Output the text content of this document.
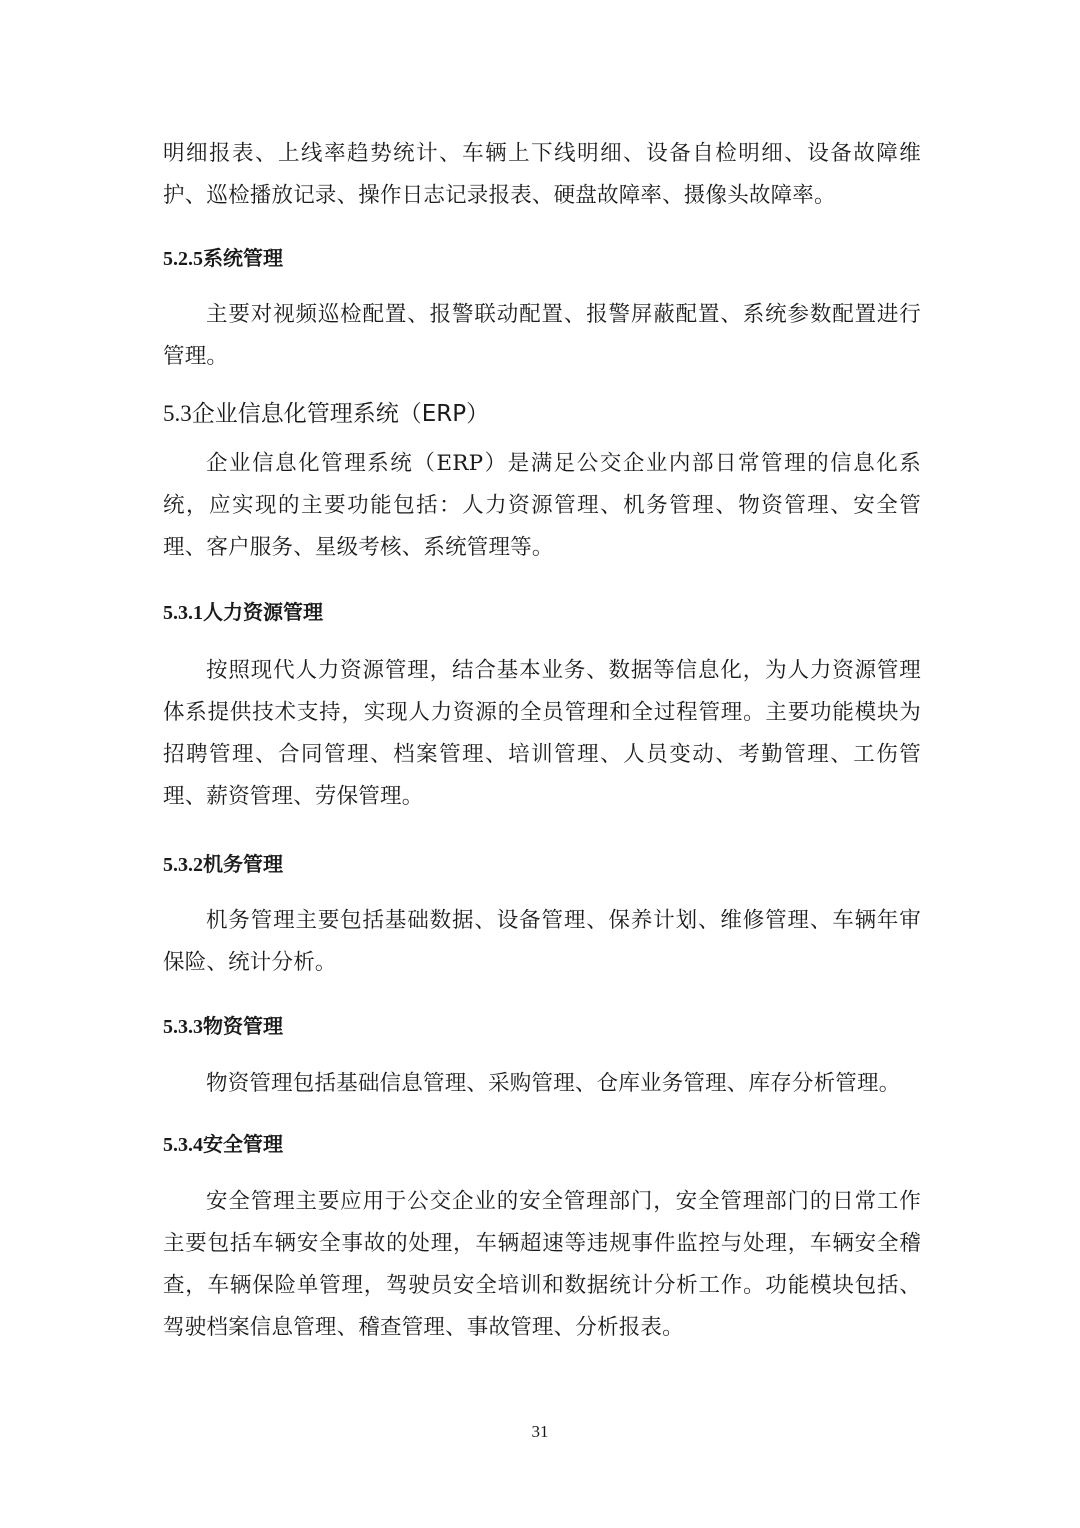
明细报表、上线率趋势统计、车辆上下线明细、设备自检明细、设备故障维护、巡检播放记录、操作日志记录报表、硬盘故障率、摄像头故障率。

5.2.5系统管理

主要对视频巡检配置、报警联动配置、报警屏蔽配置、系统参数配置进行管理。

5.3企业信息化管理系统（ERP）

企业信息化管理系统（ERP）是满足公交企业内部日常管理的信息化系统，应实现的主要功能包括：人力资源管理、机务管理、物资管理、安全管理、客户服务、星级考核、系统管理等。

5.3.1人力资源管理

按照现代人力资源管理，结合基本业务、数据等信息化，为人力资源管理体系提供技术支持，实现人力资源的全员管理和全过程管理。主要功能模块为招聘管理、合同管理、档案管理、培训管理、人员变动、考勤管理、工伤管理、薪资管理、劳保管理。

5.3.2机务管理

机务管理主要包括基础数据、设备管理、保养计划、维修管理、车辆年审保险、统计分析。

5.3.3物资管理

物资管理包括基础信息管理、采购管理、仓库业务管理、库存分析管理。

5.3.4安全管理

安全管理主要应用于公交企业的安全管理部门，安全管理部门的日常工作主要包括车辆安全事故的处理，车辆超速等违规事件监控与处理，车辆安全稽查，车辆保险单管理，驾驶员安全培训和数据统计分析工作。功能模块包括、驾驶档案信息管理、稽查管理、事故管理、分析报表。

31
